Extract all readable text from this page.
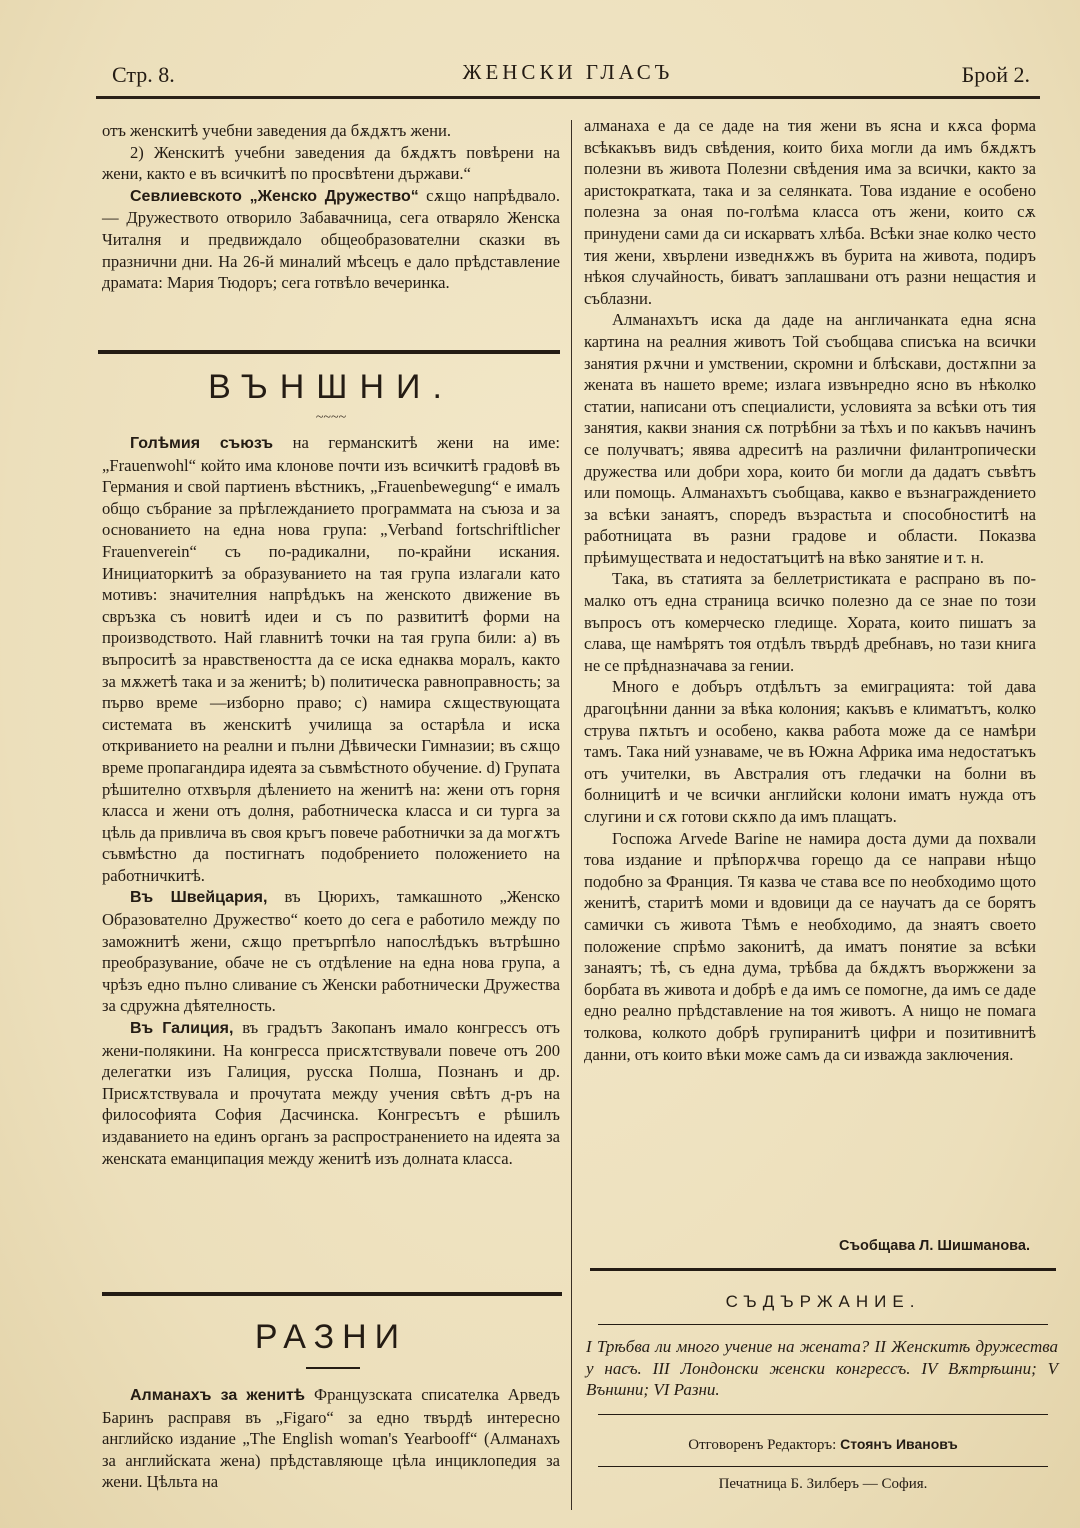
Стр. 8.	ЖЕНСКИ ГЛАСЪ	Брой 2.

отъ женскитѣ учебни заведения да бѫдѫтъ жени.

2) Женскитѣ учебни заведения да бѫдѫтъ повѣрени на жени, както е въ всичкитѣ по просвѣтени държави.“

Севлиевското „Женско Дружество“ сѫщо напрѣдвало.— Дружеството отворило Забавачница, сега отваряло Женска Читалня и предвиждало общеобразователни сказки въ празнични дни. На 26-й миналий мѣсецъ е дало прѣдставление драмата: Мария Тюдоръ; сега готвѣло вечеринка.

ВЪНШНИ.
~~~~

Голѣмия съюзъ на германскитѣ жени на име: „Frauenwohl“ който има клонове почти изъ всичкитѣ градовѣ въ Германия и свой партиенъ вѣстникъ, „Frauenbewegung“ е ималъ общо събрание за прѣглежданието программата на съюза и за основанието на една нова група: „Verband fortschriftlicher Frauenverein“ съ по-радикални, по-крайни искания. Инициаторкитѣ за образуванието на тая група излагали като мотивъ: значителния напрѣдъкъ на женското движение въ свръзка съ новитѣ идеи и съ по развититѣ форми на производството. Най главнитѣ точки на тая група били: a) въ въпроситѣ за нравствеността да се иска еднаква моралъ, както за мѫжетѣ така и за женитѣ; b) политическа равноправность; за първо време —изборно право; c) намира сѫществующата системата въ женскитѣ училища за остарѣла и иска откриванието на реални и пълни Дѣвически Гимназии; въ сѫщо време пропагандира идеята за съвмѣстното обучение. d) Групата рѣшително отхвърля дѣлението на женитѣ на: жени отъ горня класса и жени отъ долня, работническа класса и си турга за цѣль да привлича въ своя кръгъ повече работнички за да могѫтъ съвмѣстно да постигнатъ подобрението положението на работничкитѣ.

Въ Швейцария, въ Цюрихъ, тамкашното „Женско Образователно Дружество“ което до сега е работило между по заможнитѣ жени, сѫщо претърпѣло напослѣдъкъ вътрѣшно преобразувание, обаче не съ отдѣление на една нова група, а чрѣзъ едно пълно сливание съ Женски работнически Дружества за сдружна дѣятелность.

Въ Галиция, въ градътъ Закопанъ имало конгрессъ отъ жени-полякини. На конгресса присѫтствували повече отъ 200 делегатки изъ Галиция, русска Полша, Познанъ и др. Присѫтствувала и прочутата между учения свѣтъ д-ръ на философията София Дасчинска. Конгресътъ е рѣшилъ издаванието на единъ органъ за распространението на идеята за женската еманципация между женитѣ изъ долната класса.

РАЗНИ

Алманахъ за женитѣ Французската списателка Арведъ Баринъ расправя въ „Figaro“ за едно твърдѣ интересно английско издание „The English woman's Yearbooff“ (Алманахъ за английската жена) прѣдставляюще цѣла инциклопедия за жени. Цѣльта на

алманаха е да се даде на тия жени въ ясна и кѫса форма всѣкакъвъ видъ свѣдения, които биха могли да имъ бѫдѫтъ полезни въ живота Полезни свѣдения има за всички, както за аристократката, така и за селянката. Това издание е особено полезна за оная по-голѣма класса отъ жени, които сѫ принудени сами да си искарватъ хлѣба. Всѣки знае колко често тия жени, хвърлени изведнѫжъ въ бурита на живота, подиръ нѣкоя случайность, биватъ заплашвани отъ разни нещастия и съблазни.

Алманахътъ иска да даде на англичанката една ясна картина на реалния животъ Той съобщава списъка на всички занятия рѫчни и умствении, скромни и блѣскави, достѫпни за жената въ нашето време; излага извънредно ясно въ нѣколко статии, написани отъ специалисти, условията за всѣки отъ тия занятия, какви знания сѫ потрѣбни за тѣхъ и по какъвъ начинъ се получватъ; явява адреситѣ на различни филантропически дружества или добри хора, които би могли да дадатъ съвѣтъ или помощь. Алманахътъ съобщава, какво е възнаграждението за всѣки занаятъ, споредъ възрастьта и способноститѣ на работницата въ разни градове и области. Показва прѣимуществата и недостатъцитѣ на вѣко занятие и т. н.

Така, въ статията за беллетристиката е распрано въ по-малко отъ една страница всичко полезно да се знае по този въпросъ отъ комерческо гледище. Хората, които пишатъ за слава, ще намѣрятъ тоя отдѣлъ твърдѣ дребнавъ, но тази книга не се прѣдназначава за гении.

Много е добъръ отдѣлътъ за емиграцията: той дава драгоцѣнни данни за вѣка колония; какъвъ е климатътъ, колко струва пѫтьтъ и особено, каква работа може да се намѣри тамъ. Така ний узнаваме, че въ Южна Африка има недостатъкъ отъ учителки, въ Австралия отъ гледачки на болни въ болницитѣ и че всички английски колони иматъ нужда отъ слугини и сѫ готови скѫпо да имъ плащатъ.

Госпожа Arvede Barine не намира доста думи да похвали това издание и прѣпорѫчва горещо да се направи нѣщо подобно за Франция. Тя казва че става все по необходимо щото женитѣ, старитѣ моми и вдовици да се научатъ да се борятъ самички съ живота Тѣмъ е необходимо, да знаятъ своето положение спрѣмо законитѣ, да иматъ понятие за всѣки занаятъ; тѣ, съ една дума, трѣбва да бѫдѫтъ въоржжени за борбата въ живота и добрѣ е да имъ се помогне, да имъ се даде едно реално прѣдставление на тоя животъ. А нищо не помага толкова, колкото добрѣ групиранитѣ цифри и позитивнитѣ данни, отъ които вѣки може самъ да си изважда заключения.

Съобщава Л. Шишманова.
СЪДЪРЖАНИЕ.
I Трѣбва ли много учение на жената? II Женскитѣ дружества у насъ. III Лондонски женски конгрессъ. IV Вѫтрѣшни; V Външни; VI Разни.
Отговоренъ Редакторъ: Стоянъ Ивановъ
Печатница Б. Зилберъ — София.
